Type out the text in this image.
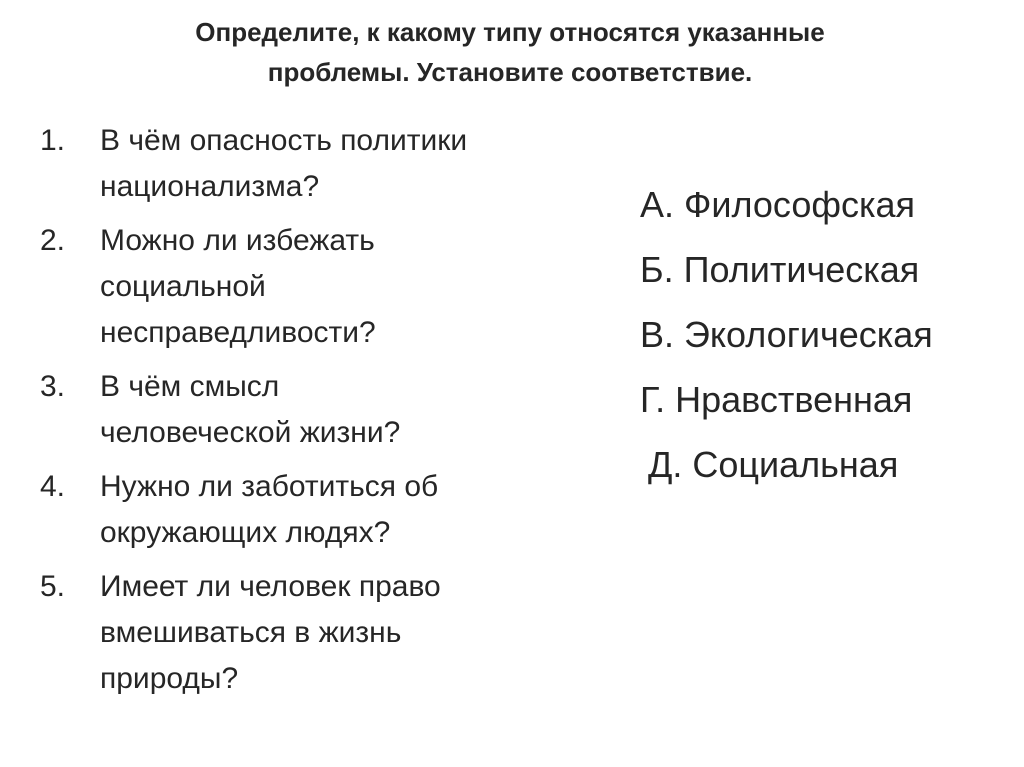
Определите, к какому типу относятся указанные
проблемы. Установите соответствие.
1. В чём опасность политики
национализма?
2. Можно ли избежать
социальной
несправедливости?
3. В чём смысл
человеческой жизни?
4. Нужно ли заботиться об
окружающих людях?
5. Имеет ли человек право
вмешиваться в жизнь
природы?
А. Философская
Б. Политическая
В. Экологическая
Г. Нравственная
Д. Социальная
